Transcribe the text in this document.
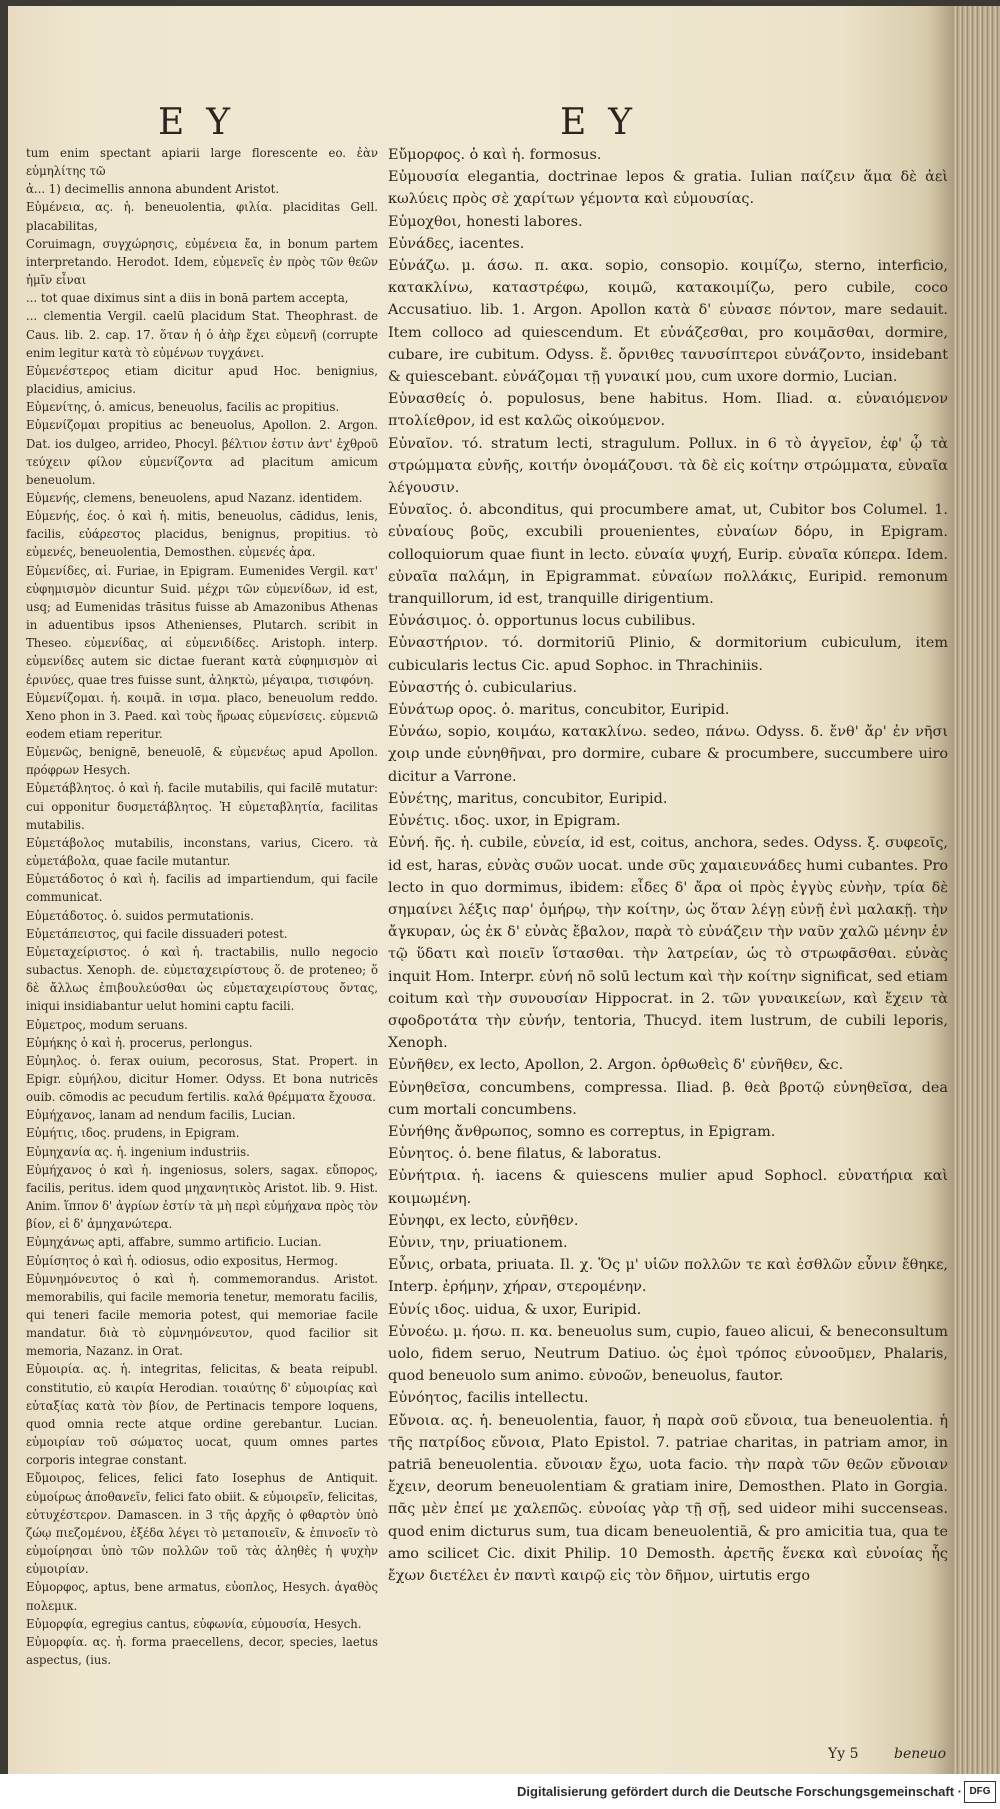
EY	EY

tum enim spectant apiarii large florescente eo. ἐὰν εὐμηλίτης τῶ

ἀ... 1) decimellis annona abundent Aristot.

Εὐμένεια, ας. ἡ. beneuolentia, φιλία. placiditas Gell. placabilitas,

Coruimagn, συγχώρησις, εὐμένεια ἔα, in bonum partem interpretando. Herodot. Idem, εὐμενεῖς ἐν πρὸς τῶν θεῶν ἡμῖν εἶναι

... tot quae diximus sint a diis in bonā partem accepta,

... clementia Vergil. caelū placidum Stat. Theophrast. de Caus. lib. 2. cap. 17. ὅταν ἡ ὁ ἀὴρ ἔχει εὐμενῆ (corrupte enim legitur κατὰ τὸ εὐμένων τυγχάνει.

Εὐμενέστερος etiam dicitur apud Hoc. benignius, placidius, amicius.

Εὐμενίτης, ὁ. amicus, beneuolus, facilis ac propitius.

Εὐμενίζομαι propitius ac beneuolus, Apollon. 2. Argon. Dat. ios dulgeo, arrideo, Phocyl. βέλτιον ἐστιν ἀντ' ἐχθροῦ τεύχειν φίλον εὐμενίζοντα ad placitum amicum beneuolum.

Εὐμενής, clemens, beneuolens, apud Nazanz. identidem.

Εὐμενής, έος. ὁ καὶ ἡ. mitis, beneuolus, cādidus, lenis, facilis, εὐάρεστος placidus, benignus, propitius. τὸ εὐμενές, beneuolentia, Demosthen. εὐμενές ἀρα.

Εὐμενίδες, αἱ. Furiae, in Epigram. Eumenides Vergil. κατ' εὐφημισμὸν dicuntur Suid. μέχρι τῶν εὐμενίδων, id est, usq; ad Eumenidas trāsitus fuisse ab Amazonibus Athenas in aduentibus ipsos Athenienses, Plutarch. scribit in Theseo. εὐμενίδας, αἱ εὐμενιδίδες. Aristoph. interp. εὐμενίδες autem sic dictae fuerant κατὰ εὐφημισμὸν αἱ ἐρινύες, quae tres fuisse sunt, ἀληκτὼ, μέγαιρα, τισιφόνη.

Εὐμενίζομαι. ἡ. κοιμᾶ. in ισμα. placo, beneuolum reddo. Xeno phon in 3. Paed. καὶ τοὺς ἥρωας εὐμενίσεις. εὐμενιῶ eodem etiam reperitur.

Εὐμενῶς, benignē, beneuolē, & εὐμενέως apud Apollon. πρόφρων Hesych.

Εὐμετάβλητος. ὁ καὶ ἡ. facile mutabilis, qui facilē mutatur: cui opponitur δυσμετάβλητος. Ἡ εὐμεταβλητία, facilitas mutabilis.

Εὐμετάβολος mutabilis, inconstans, varius, Cicero. τὰ εὐμετάβολα, quae facile mutantur.

Εὐμετάδοτος ὁ καὶ ἡ. facilis ad impartiendum, qui facile communicat.

Εὐμετάδοτος. ὁ. suidos permutationis.

Εὐμετάπειστος, qui facile dissuaderi potest.

Εὐμεταχείριστος. ὁ καὶ ἡ. tractabilis, nullo negocio subactus. Xenoph. de. εὐμεταχειρίστους ὅ. de proteneo; ὅ δὲ ἄλλως ἐπιβουλεύσθαι ὡς εὐμεταχειρίστους ὄντας, iniqui insidiabantur uelut homini captu facili.

Εὐμετρος, modum seruans.

Εὐμήκης ὁ καὶ ἡ. procerus, perlongus.

Εὐμηλος. ὁ. ferax ouium, pecorosus, Stat. Propert. in Epigr. εὐμήλου, dicitur Homer. Odyss. Et bona nutricēs ouib. cōmodis ac pecudum fertilis. καλά θρέμματα ἔχουσα.

Εὐμήχανος, lanam ad nendum facilis, Lucian.

Εὐμήτις, ιδος. prudens, in Epigram.

Εὐμηχανία ας. ἡ. ingenium industriis.

Εὐμήχανος ὁ καὶ ἡ. ingeniosus, solers, sagax. εὔπορος, facilis, peritus. idem quod μηχανητικὸς Aristot. lib. 9. Hist. Anim. ἵππον δ' ἀγρίων ἐστίν τὰ μὴ περὶ εὐμήχανα πρὸς τὸν βίον, εἰ δ' ἀμηχανώτερα.

Εὐμηχάνως apti, affabre, summo artificio. Lucian.

Εὐμίσητος ὁ καὶ ἡ. odiosus, odio expositus, Hermog.

Εὐμνημόνευτος ὁ καὶ ἡ. commemorandus. Aristot. memorabilis, qui facile memoria tenetur, memoratu facilis, qui teneri facile memoria potest, qui memoriae facile mandatur. διὰ τὸ εὐμνημόνευτον, quod facilior sit memoria, Nazanz. in Orat.

Εὐμοιρία. ας. ἡ. integritas, felicitas, & beata reipubl. constitutio, εὐ καιρία Herodian. τοιαύτης δ' εὐμοιρίας καὶ εὐταξίας κατὰ τὸν βίον, de Pertinacis tempore loquens, quod omnia recte atque ordine gerebantur. Lucian. εὐμοιρίαν τοῦ σώματος uocat, quum omnes partes corporis integrae constant.

Εὔμοιρος, felices, felici fato Iosephus de Antiquit. εὐμοίρως ἀποθανεῖν, felici fato obiit. & εὐμοιρεῖν, felicitas, εὐτυχέστερον. Damascen. in 3 τῆς ἀρχῆς ὁ φθαρτὸν ὑπὸ ζώῳ πιεζομένου, ἐξέδα λέγει τὸ μεταποιεῖν, & ἐπινοεῖν τὸ εὐμοίρησαι ὑπὸ τῶν πολλῶν τοῦ τὰς ἀληθὲς ἡ ψυχὴν εὐμοιρίαν.

Εὐμορφος, aptus, bene armatus, εὐοπλος, Hesych. ἀγαθὸς πολεμικ.

Εὐμορφία, egregius cantus, εὐφωνία, εὐμουσία, Hesych.

Εὐμορφία. ας. ἡ. forma praecellens, decor, species, laetus aspectus, (ius.

Εὔμορφος. ὁ καὶ ἡ. formosus.

Εὐμουσία elegantia, doctrinae lepos & gratia. Iulian παίζειν ἅμα δὲ ἀεὶ κωλύεις πρὸς σὲ χαρίτων γέμοντα καὶ εὐμουσίας.

Εὐμοχθοι, honesti labores.

Εὐνάδες, iacentes.

Εὐνάζω. μ. άσω. π. ακα. sopio, consopio. κοιμίζω, sterno, interficio, κατακλίνω, καταστρέφω, κοιμῶ, κατακοιμίζω, pero cubile, coco Accusatiuo. lib. 1. Argon. Apollon κατὰ δ' εὐνασε πόντον, mare sedauit. Item colloco ad quiescendum. Et εὐνάζεσθαι, pro κοιμᾶσθαι, dormire, cubare, ire cubitum. Odyss. ἔ. ὄρνιθες τανυσίπτεροι εὐνάζοντο, insidebant & quiescebant. εὐνάζομαι τῇ γυναικί μου, cum uxore dormio, Lucian.

Εὐνασθείς ὁ. populosus, bene habitus. Hom. Iliad. α. εὐναιόμενον πτολίεθρον, id est καλῶς οἰκούμενον.

Εὐναῖον. τό. stratum lecti, stragulum. Pollux. in 6 τὸ ἀγγεῖον, ἐφ' ᾧ τὰ στρώμματα εὐνῆς, κοιτήν ὀνομάζουσι. τὰ δὲ εἰς κοίτην στρώμματα, εὐναῖα λέγουσιν.

Εὐναῖος. ὁ. abconditus, qui procumbere amat, ut, Cubitor bos Columel. 1. εὐναίους βοῦς, excubili prouenientes, εὐναίων δόρυ, in Epigram. colloquiorum quae fiunt in lecto. εὐναία ψυχή, Eurip. εὐναῖα κύπερα. Idem. εὐναῖα παλάμη, in Epigrammat. εὐναίων πολλάκις, Euripid. remonum tranquillorum, id est, tranquille dirigentium.

Εὐνάσιμος. ὁ. opportunus locus cubilibus.

Εὐναστήριον. τό. dormitoriū Plinio, & dormitorium cubiculum, item cubicularis lectus Cic. apud Sophoc. in Thrachiniis.

Εὐναστής ὁ. cubicularius.

Εὐνάτωρ ορος. ὁ. maritus, concubitor, Euripid.

Εὐνάω, sopio, κοιμάω, κατακλίνω. sedeo, πάνω. Odyss. δ. ἔνθ' ἄρ' ἐν νῆσι χοιρ unde εὐνηθῆναι, pro dormire, cubare & procumbere, succumbere uiro dicitur a Varrone.

Εὐνέτης, maritus, concubitor, Euripid.

Εὐνέτις. ιδος. uxor, in Epigram.

Εὐνή. ῆς. ἡ. cubile, εὐνεία, id est, coitus, anchora, sedes. Odyss. ξ. συφεοῖς, id est, haras, εὐνὰς συῶν uocat. unde σῦς χαμαιευνάδες humi cubantes. Pro lecto in quo dormimus, ibidem: εἶδες δ' ἄρα οἱ πρὸς ἐγγὺς εὐνὴν, τρία δὲ σημαίνει λέξις παρ' ὁμήρῳ, τὴν κοίτην, ὡς ὅταν λέγῃ εὐνῇ ἐνὶ μαλακῇ. τὴν ἄγκυραν, ὡς ἐκ δ' εὐνὰς ἔβαλον, παρὰ τὸ εὐνάζειν τὴν ναῦν χαλῶ μένην ἐν τῷ ὕδατι καὶ ποιεῖν ἵστασθαι. τὴν λατρείαν, ὡς τὸ στρωφᾶσθαι. εὐνὰς inquit Hom. Interpr. εὐνή nō solū lectum καὶ τὴν κοίτην significat, sed etiam coitum καὶ τὴν συνουσίαν Hippocrat. in 2. τῶν γυναικείων, καὶ ἔχειν τὰ σφοδροτάτα τὴν εὐνήν, tentoria, Thucyd. item lustrum, de cubili leporis, Xenoph.

Εὐνῆθεν, ex lecto, Apollon, 2. Argon. ὀρθωθεὶς δ' εὐνῆθεν, &c.

Εὐνηθεῖσα, concumbens, compressa. Iliad. β. θεὰ βροτῷ εὐνηθεῖσα, dea cum mortali concumbens.

Εὐνήθης ἄνθρωπος, somno es correptus, in Epigram.

Εὐνητος. ὁ. bene filatus, & laboratus.

Εὐνήτρια. ἡ. iacens & quiescens mulier apud Sophocl. εὐνατήρια καὶ κοιμωμένη.

Εὐνηφι, ex lecto, εὐνῆθεν.

Εὐνιν, την, priuationem.

Εὖνις, orbata, priuata. Il. χ. Ὅς μ' υἱῶν πολλῶν τε καὶ ἐσθλῶν εὖνιν ἔθηκε, Interp. ἐρήμην, χήραν, στερομένην.

Εὐνίς ιδος. uidua, & uxor, Euripid.

Εὐνοέω. μ. ήσω. π. κα. beneuolus sum, cupio, faueo alicui, & beneconsultum uolo, fidem seruo, Neutrum Datiuo. ὡς ἐμοὶ τρόπος εὐνοοῦμεν, Phalaris, quod beneuolo sum animo. εὐνοῶν, beneuolus, fautor.

Εὐνόητος, facilis intellectu.

Εὔνοια. ας. ἡ. beneuolentia, fauor, ἡ παρὰ σοῦ εὔνοια, tua beneuolentia. ἡ τῆς πατρίδος εὔνοια, Plato Epistol. 7. patriae charitas, in patriam amor, in patriā beneuolentia. εὔνοιαν ἔχω, uota facio. τὴν παρὰ τῶν θεῶν εὔνοιαν ἔχειν, deorum beneuolentiam & gratiam inire, Demosthen. Plato in Gorgia. πᾶς μὲν ἐπεί με χαλεπῶς. εὐνοίας γὰρ τῇ σῇ, sed uideor mihi succenseas. quod enim dicturus sum, tua dicam beneuolentiā, & pro amicitia tua, qua te amo scilicet Cic. dixit Philip. 10 Demosth. ἀρετῆς ἕνεκα καὶ εὐνοίας ἧς ἔχων διετέλει ἐν παντὶ καιρῷ εἰς τὸν δῆμον, uirtutis ergo

Yy 5	beneuo
Digitalisierung gefördert durch die Deutsche Forschungsgemeinschaft · DFG
